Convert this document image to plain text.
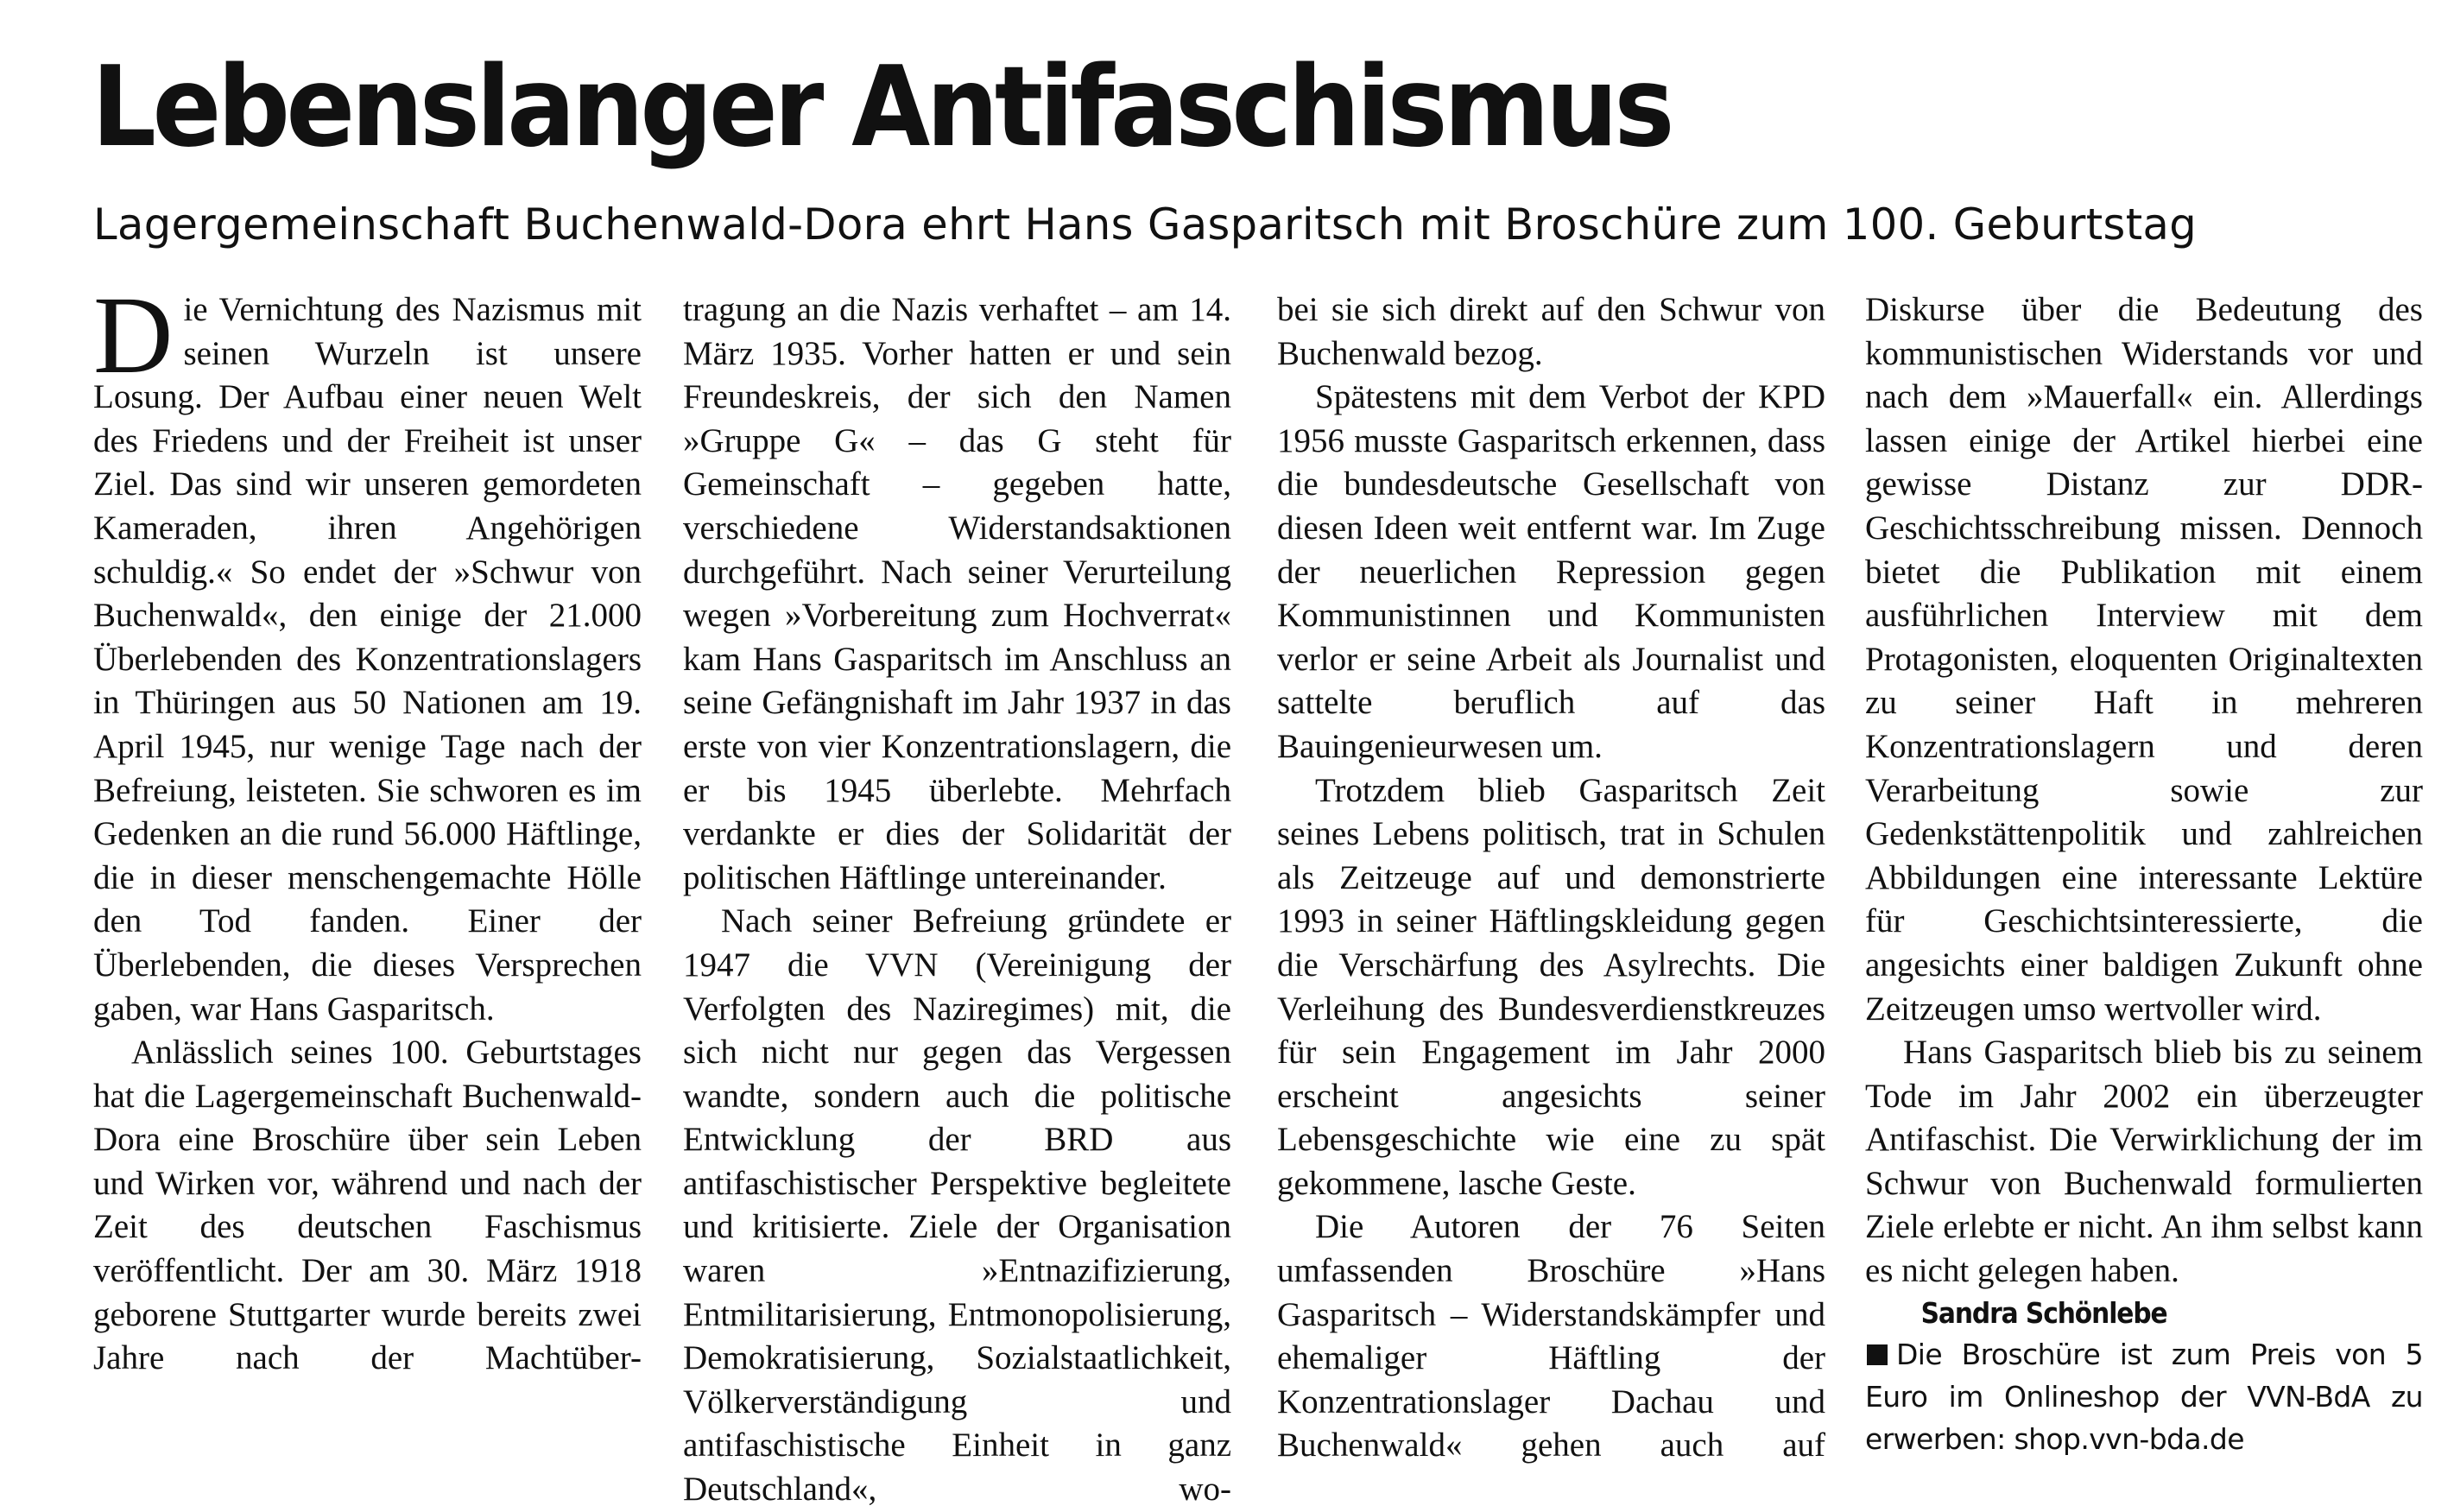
Lebenslanger Antifaschismus
Lagergemeinschaft Buchenwald-Dora ehrt Hans Gasparitsch mit Broschüre zum 100. Geburtstag

Die Vernichtung des Nazismus mit seinen Wurzeln ist unsere Losung. Der Aufbau einer neuen Welt des Friedens und der Freiheit ist unser Ziel. Das sind wir unseren gemordeten Kameraden, ihren Angehörigen schuldig.« So endet der »Schwur von Buchenwald«, den einige der 21.000 Überlebenden des Konzentrationslagers in Thüringen aus 50 Nationen am 19. April 1945, nur wenige Tage nach der Befreiung, leisteten. Sie schworen es im Gedenken an die rund 56.000 Häftlinge, die in dieser menschengemachte Hölle den Tod fanden. Einer der Überlebenden, die dieses Versprechen gaben, war Hans Gasparitsch.

Anlässlich seines 100. Geburtstages hat die Lagergemeinschaft Buchenwald-Dora eine Broschüre über sein Leben und Wirken vor, während und nach der Zeit des deutschen Faschismus veröffentlicht. Der am 30. März 1918 geborene Stuttgarter wurde bereits zwei Jahre nach der Machtüber-

tragung an die Nazis verhaftet – am 14. März 1935. Vorher hatten er und sein Freundeskreis, der sich den Namen »Gruppe G« – das G steht für Gemeinschaft – gegeben hatte, verschiedene Widerstandsaktionen durchgeführt. Nach seiner Verurteilung wegen »Vorbereitung zum Hochverrat« kam Hans Gasparitsch im Anschluss an seine Gefängnishaft im Jahr 1937 in das erste von vier Konzentrationslagern, die er bis 1945 überlebte. Mehrfach verdankte er dies der Solidarität der politischen Häftlinge untereinander.

Nach seiner Befreiung gründete er 1947 die VVN (Vereinigung der Verfolgten des Naziregimes) mit, die sich nicht nur gegen das Vergessen wandte, sondern auch die politische Entwicklung der BRD aus antifaschistischer Perspektive begleitete und kritisierte. Ziele der Organisation waren »Entnazifizierung, Entmilitarisierung, Entmonopolisierung, Demokratisierung, Sozialstaatlichkeit, Völkerverständigung und antifaschistische Einheit in ganz Deutschland«, wo-

bei sie sich direkt auf den Schwur von Buchenwald bezog.

Spätestens mit dem Verbot der KPD 1956 musste Gasparitsch erkennen, dass die bundesdeutsche Gesellschaft von diesen Ideen weit entfernt war. Im Zuge der neuerlichen Repression gegen Kommunistinnen und Kommunisten verlor er seine Arbeit als Journalist und sattelte beruflich auf das Bauingenieurwesen um.

Trotzdem blieb Gasparitsch Zeit seines Lebens politisch, trat in Schulen als Zeitzeuge auf und demonstrierte 1993 in seiner Häftlingskleidung gegen die Verschärfung des Asylrechts. Die Verleihung des Bundesverdienstkreuzes für sein Engagement im Jahr 2000 erscheint angesichts seiner Lebensgeschichte wie eine zu spät gekommene, lasche Geste.

Die Autoren der 76 Seiten umfassenden Broschüre »Hans Gasparitsch – Widerstandskämpfer und ehemaliger Häftling der Konzentrationslager Dachau und Buchenwald« gehen auch auf

Diskurse über die Bedeutung des kommunistischen Widerstands vor und nach dem »Mauerfall« ein. Allerdings lassen einige der Artikel hierbei eine gewisse Distanz zur DDR-Geschichtsschreibung missen. Dennoch bietet die Publikation mit einem ausführlichen Interview mit dem Protagonisten, eloquenten Originaltexten zu seiner Haft in mehreren Konzentrationslagern und deren Verarbeitung sowie zur Gedenkstättenpolitik und zahlreichen Abbildungen eine interessante Lektüre für Geschichtsinteressierte, die angesichts einer baldigen Zukunft ohne Zeitzeugen umso wertvoller wird.

Hans Gasparitsch blieb bis zu seinem Tode im Jahr 2002 ein überzeugter Antifaschist. Die Verwirklichung der im Schwur von Buchenwald formulierten Ziele erlebte er nicht. An ihm selbst kann es nicht gelegen haben.

Sandra Schönlebe

Die Broschüre ist zum Preis von 5 Euro im Onlineshop der VVN-BdA zu erwerben: shop.vvn-bda.de
